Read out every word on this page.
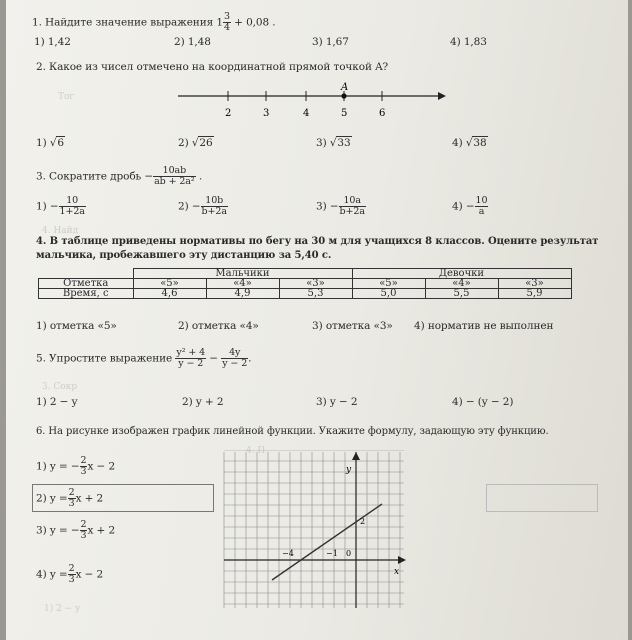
1. Найдите значение выражения $1 \frac{3}{4} + 0,08$ .
1) 1,42	2) 1,48	3) 1,67	4) 1,83
2. Какое из чисел отмечено на координатной прямой точкой A?
Тог
2	3	4	5	6
A
1) √6	2) √26	3) √33	4) √38
3. Сократите дробь − $\frac{10ab}{\text{ab + 2a²}}$ .
$1) - \frac{10}{1+2a}$	$2) - \frac{10b}{b+2a}$	$3) - \frac{10a}{b+2a}$	$4) - \frac{10}{a}$
4. Найд
4. В таблице приведены нормативы по бегу на 30 м для учащихся 8 классов. Оцените результат
мальчика, пробежавшего эту дистанцию за 5,40 с.
	Мальчики			Девочки		
Отметка	«5»	«4»	«3»	«5»	«4»	«3»
Время, с	4,6	4,9	5,3	5,0	5,5	5,9
1) отметка «5»	2) отметка «4»	3) отметка «3» 4) норматив не выполнен
5. Упростите выражение $\frac{\text{y² + 4}}{y - 2} - \frac{4y}{y - 2}$ .
3. Сокр
1) 2 − y	2) y + 2	3) y − 2	4) − (y − 2)
6. На рисунке изображен график линейной функции. Укажите формулу, задающую эту функцию.
1) y = − $\frac{2}{3}$ x − 2
2) $y = \frac{2}{3}$ x + 2
3) y = − $\frac{2}{3}$ x + 2
4) $y = \frac{2}{3}$ x − 2
1) 2 − y
4. П
y
x
2
−1 0
−4
